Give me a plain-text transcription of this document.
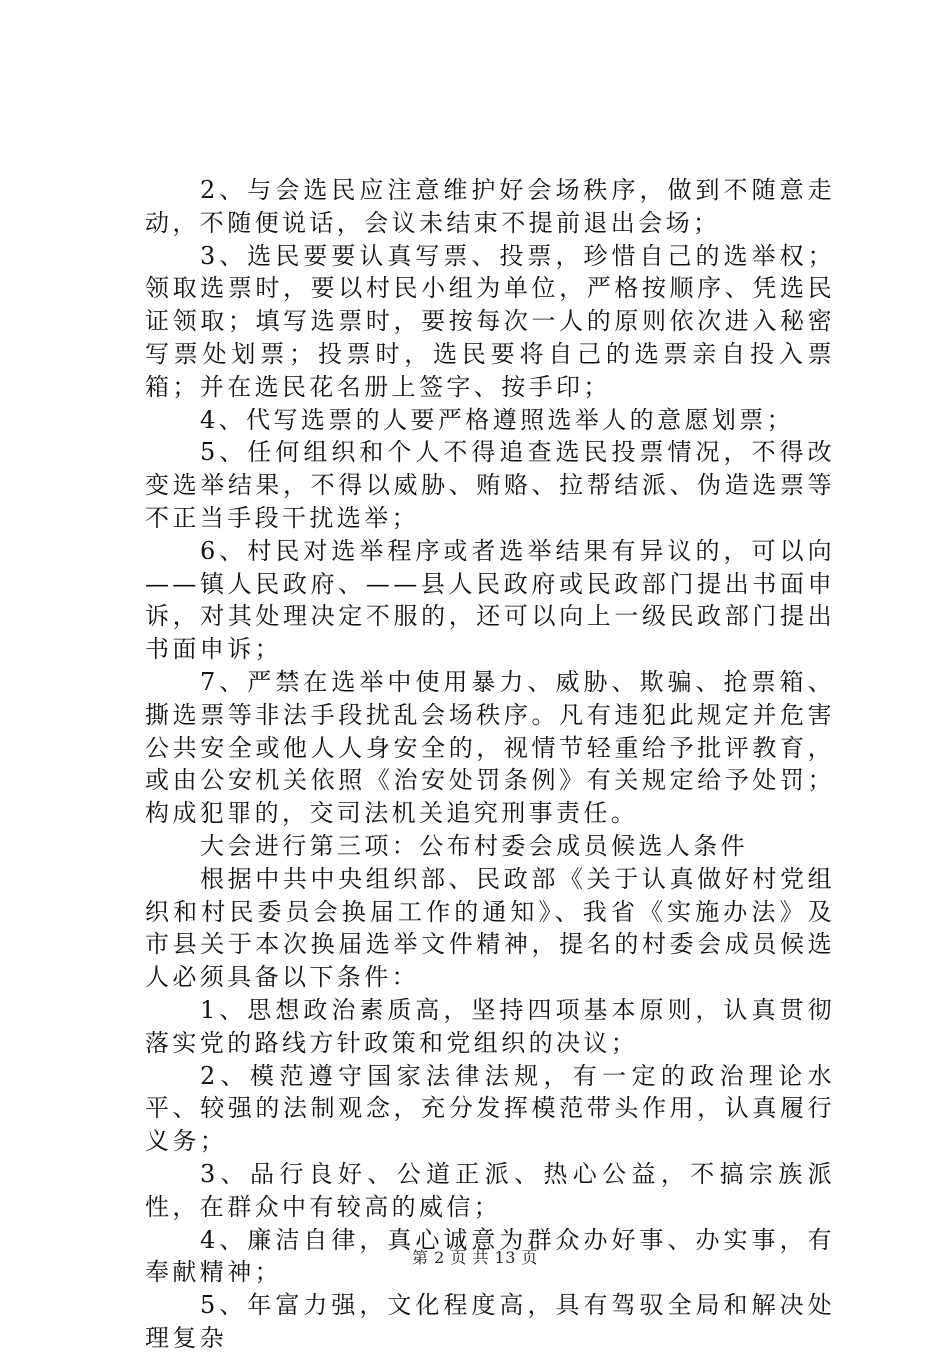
2、与会选民应注意维护好会场秩序，做到不随意走动，不随便说话，会议未结束不提前退出会场；

3、选民要要认真写票、投票，珍惜自己的选举权；领取选票时，要以村民小组为单位，严格按顺序、凭选民证领取；填写选票时，要按每次一人的原则依次进入秘密写票处划票；投票时，选民要将自己的选票亲自投入票箱；并在选民花名册上签字、按手印；

4、代写选票的人要严格遵照选举人的意愿划票；

5、任何组织和个人不得追查选民投票情况，不得改变选举结果，不得以威胁、贿赂、拉帮结派、伪造选票等不正当手段干扰选举；

6、村民对选举程序或者选举结果有异议的，可以向——镇人民政府、——县人民政府或民政部门提出书面申诉，对其处理决定不服的，还可以向上一级民政部门提出书面申诉；

7、严禁在选举中使用暴力、威胁、欺骗、抢票箱、撕选票等非法手段扰乱会场秩序。凡有违犯此规定并危害公共安全或他人人身安全的，视情节轻重给予批评教育，或由公安机关依照《治安处罚条例》有关规定给予处罚；构成犯罪的，交司法机关追究刑事责任。

大会进行第三项：公布村委会成员候选人条件

根据中共中央组织部、民政部《关于认真做好村党组织和村民委员会换届工作的通知》、我省《实施办法》及市县关于本次换届选举文件精神，提名的村委会成员候选人必须具备以下条件：

1、思想政治素质高，坚持四项基本原则，认真贯彻落实党的路线方针政策和党组织的决议；

2、模范遵守国家法律法规，有一定的政治理论水平、较强的法制观念，充分发挥模范带头作用，认真履行义务；

3、品行良好、公道正派、热心公益，不搞宗族派性，在群众中有较高的威信；

4、廉洁自律，真心诚意为群众办好事、办实事，有奉献精神；

5、年富力强，文化程度高，具有驾驭全局和解决处理复杂

第 2 页 共 13 页
